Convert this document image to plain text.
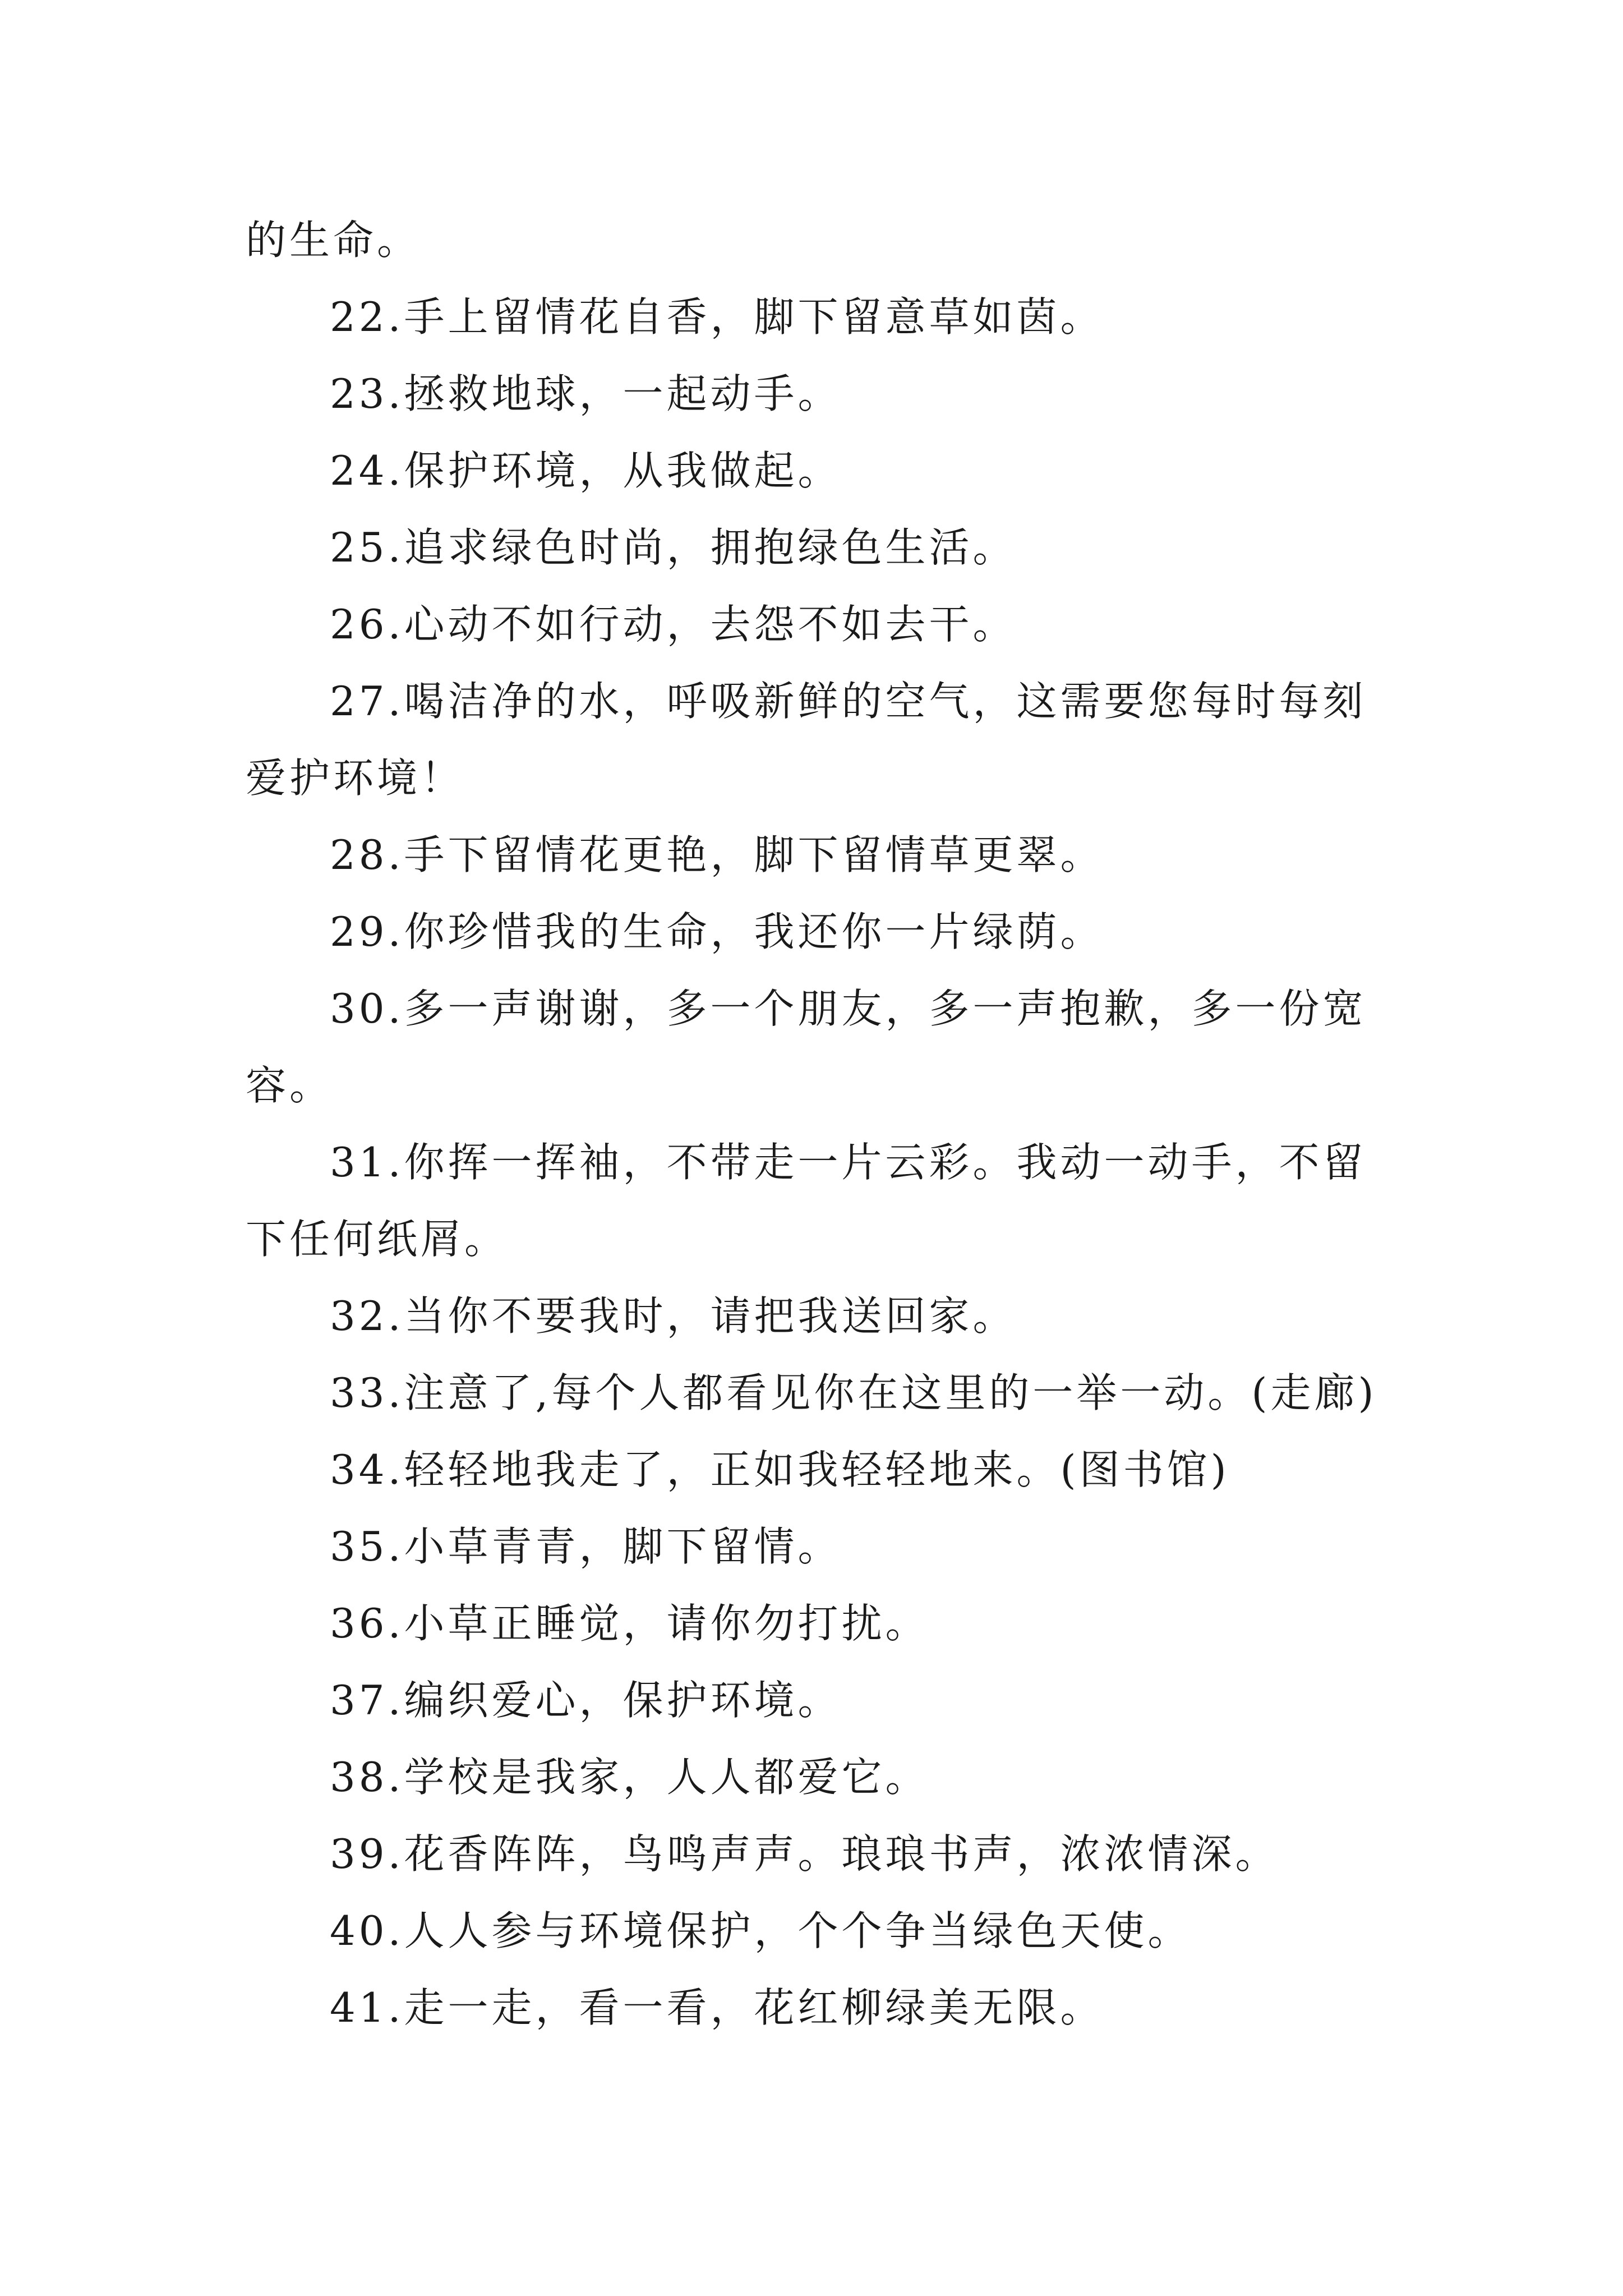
的生命。

22.手上留情花自香，脚下留意草如茵。

23.拯救地球，一起动手。

24.保护环境，从我做起。

25.追求绿色时尚，拥抱绿色生活。

26.心动不如行动，去怨不如去干。

27.喝洁净的水，呼吸新鲜的空气，这需要您每时每刻爱护环境！

28.手下留情花更艳，脚下留情草更翠。

29.你珍惜我的生命，我还你一片绿荫。

30.多一声谢谢，多一个朋友，多一声抱歉，多一份宽容。

31.你挥一挥袖，不带走一片云彩。我动一动手，不留下任何纸屑。

32.当你不要我时，请把我送回家。

33.注意了,每个人都看见你在这里的一举一动。(走廊)

34.轻轻地我走了，正如我轻轻地来。(图书馆)

35.小草青青，脚下留情。

36.小草正睡觉，请你勿打扰。

37.编织爱心，保护环境。

38.学校是我家，人人都爱它。

39.花香阵阵，鸟鸣声声。琅琅书声，浓浓情深。

40.人人参与环境保护，个个争当绿色天使。

41.走一走，看一看，花红柳绿美无限。
